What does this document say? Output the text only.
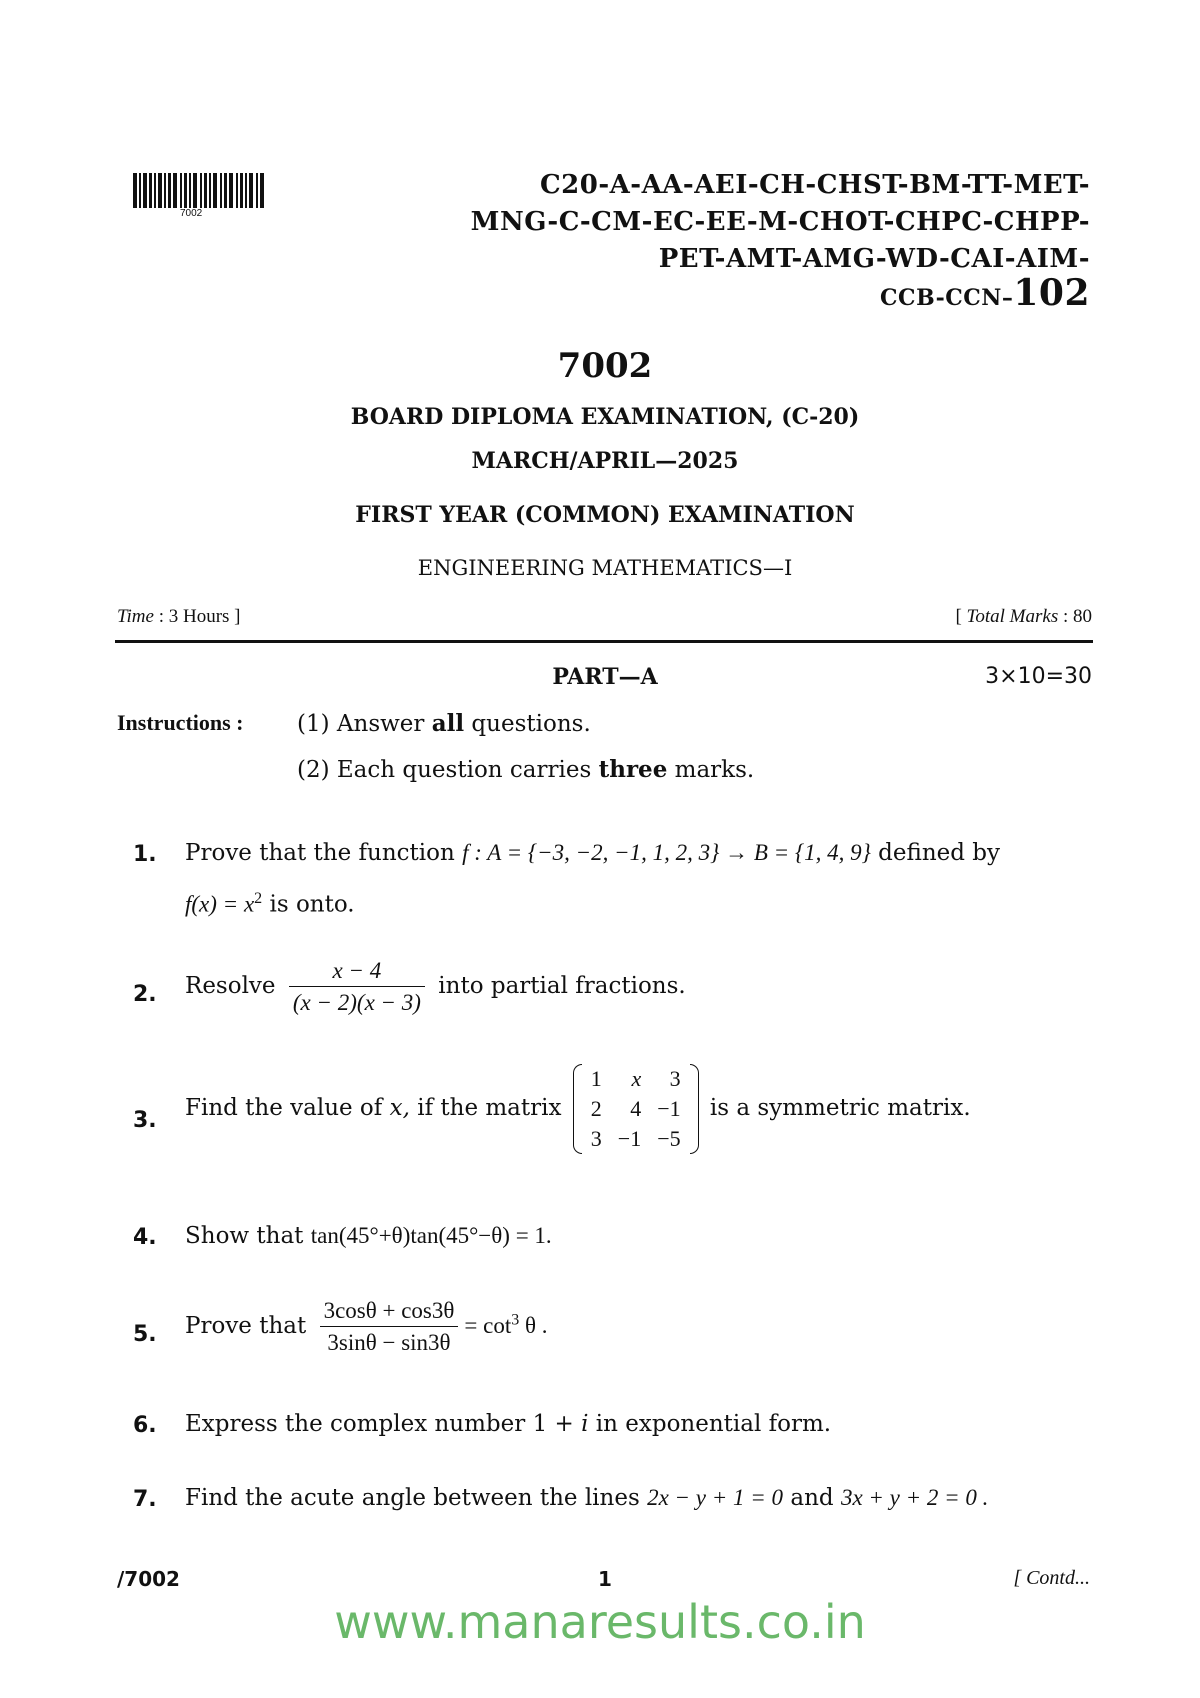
7002
C20-A-AA-AEI-CH-CHST-BM-TT-MET-
MNG-C-CM-EC-EE-M-CHOT-CHPC-CHPP-
PET-AMT-AMG-WD-CAI-AIM-
CCB-CCN–102
7002
BOARD DIPLOMA EXAMINATION, (C-20)
MARCH/APRIL—2025
FIRST YEAR (COMMON) EXAMINATION
ENGINEERING MATHEMATICS—I
Time : 3 Hours ]	[ Total Marks : 80
PART—A	3×10=30
Instructions : (1) Answer all questions.
(2) Each question carries three marks.
1. Prove that the function f : A = {−3, −2, −1, 1, 2, 3} → B = {1, 4, 9} defined by
$f(x) = x^2$ is onto.
2. Resolve $\frac{x - 4}{(x - 2)(x - 3)}$ into partial fractions.
3. Find the value of x, if the matrix
1	x	3
2	4	−1
3	−1	−5
is a symmetric matrix.
4. Show that tan(45°+θ)tan(45°−θ) = 1.
5. Prove that $\frac{3\cos\theta + \cos 3\theta}{3\sin\theta - \sin 3\theta} = \cot^3 \theta$ .
6. Express the complex number 1 + i in exponential form.
7. Find the acute angle between the lines 2x − y + 1 = 0 and 3x + y + 2 = 0 .
/7002	1	[ Contd...
www.manaresults.co.in
